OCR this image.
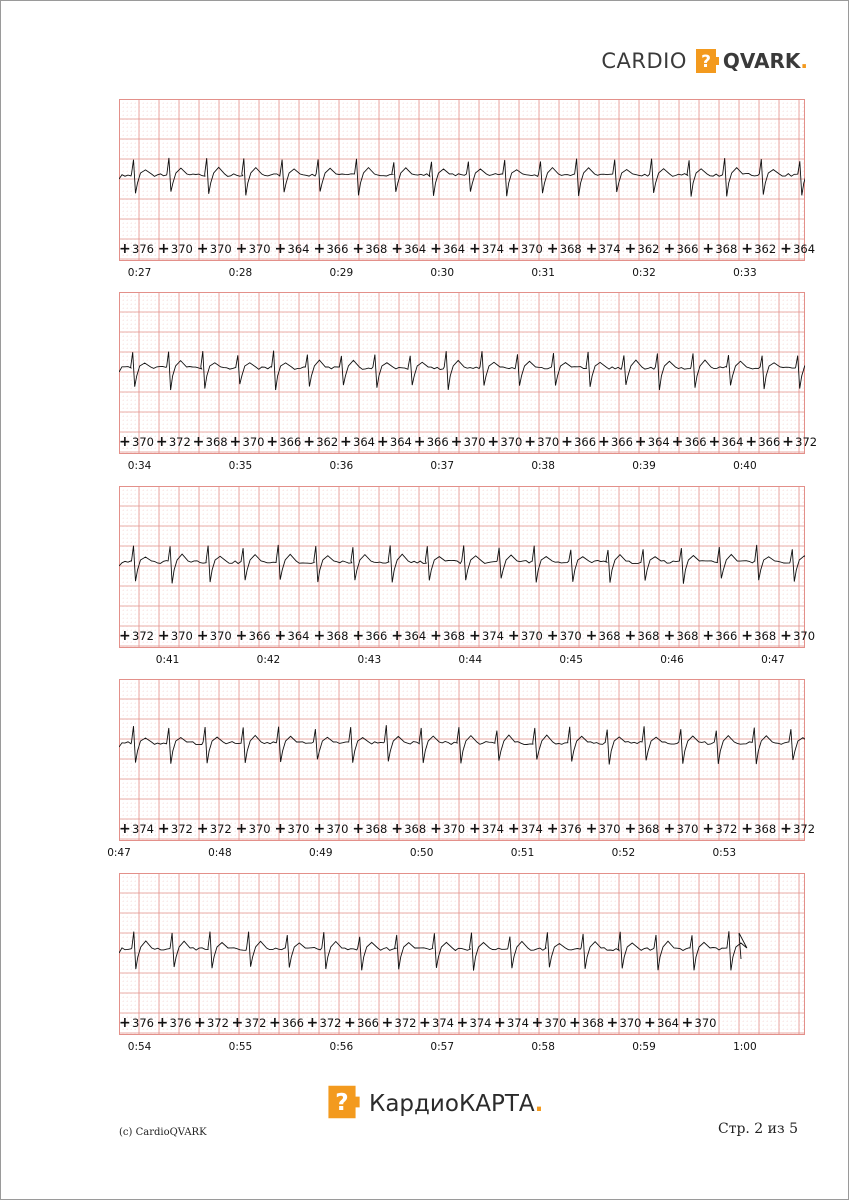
CARDIO ? QVARK .
? КардиоКАРТА.
(c) CardioQVARK	Стр. 2 из 5
+ 376 + 370 + 370 + 370 + 364 + 366 + 368 + 364 + 364 + 374 + 370 + 368 + 374 + 362 + 366 + 368 + 362 + 364
0:27	0:28	0:29	0:30	0:31	0:32	0:33
+ 370 + 372 + 368 + 370 + 366 + 362 + 364 + 364 + 366 + 370 + 370 + 370 + 366 + 366 + 364 + 366 + 364 + 366 + 372
0:34	0:35	0:36	0:37	0:38	0:39	0:40
+ 372 + 370 + 370 + 366 + 364 + 368 + 366 + 364 + 368 + 374 + 370 + 370 + 368 + 368 + 368 + 366 + 368 + 370
0:41	0:42	0:43	0:44	0:45	0:46	0:47
+ 374 + 372 + 372 + 370 + 370 + 370 + 368 + 368 + 370 + 374 + 374 + 376 + 370 + 368 + 370 + 372 + 368 + 372
0:47	0:48	0:49	0:50	0:51	0:52	0:53
+ 376 + 376 + 372 + 372 + 366 + 372 + 366 + 372 + 374 + 374 + 374 + 370 + 368 + 370 + 364 + 370
0:54	0:55	0:56	0:57	0:58	0:59	1:00
